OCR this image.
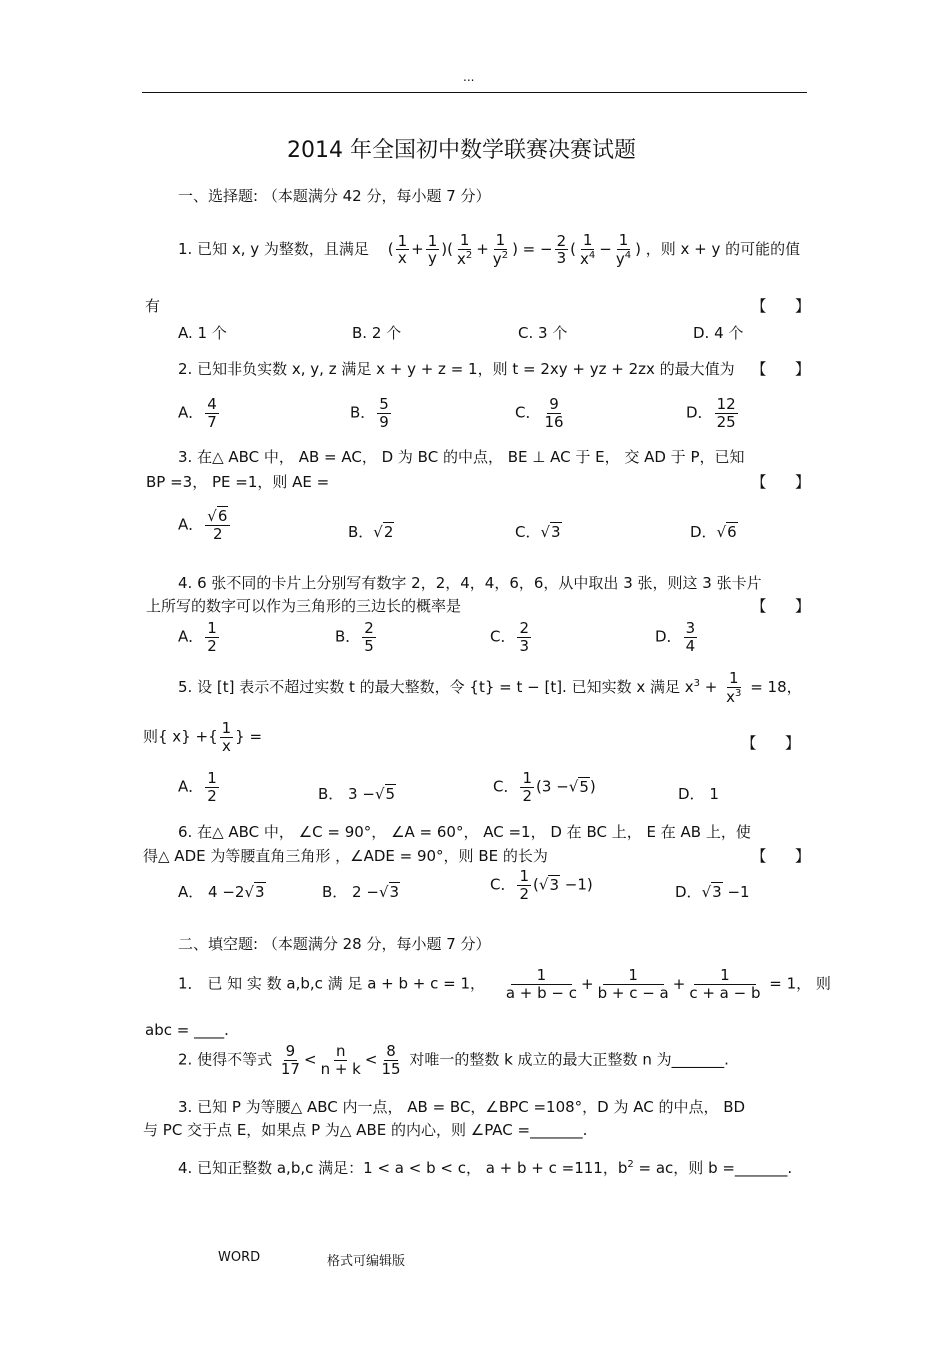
...
2014 年全国初中数学联赛决赛试题
一、选择题: （本题满分 42 分，每小题 7 分）
1. 已知 x, y 为整数，且满足 ( $\frac{1}{x} + \frac{1}{y}$ )( $\frac{1}{x^2} + \frac{1}{y^2}$ ) = − $\frac{2}{3}$ ( $\frac{1}{x^4} - \frac{1}{y^4}$ ) ，则 x + y 的可能的值
有	【      】
A. 1 个	B. 2 个	C. 3 个	D. 4 个
2. 已知非负实数 x, y, z 满足 x + y + z = 1，则 t = 2xy + yz + 2zx 的最大值为 【      】
A． $\frac{4}{7}$	B． $\frac{5}{9}$	C． $\frac{9}{16}$	D． $\frac{12}{25}$
3. 在△ ABC 中， AB = AC， D 为 BC 的中点， BE ⊥ AC 于 E， 交 AD 于 P，已知
BP =3， PE =1，则 AE =	【      】
A． $\frac{√6}{2}$	B．√2	C．√3	D．√6
4. 6 张不同的卡片上分别写有数字 2，2，4，4，6，6，从中取出 3 张，则这 3 张卡片
上所写的数字可以作为三角形的三边长的概率是	【      】
A． $\frac{1}{2}$	B． $\frac{2}{5}$	C． $\frac{2}{3}$	D． $\frac{3}{4}$
5. 设 [t] 表示不超过实数 t 的最大整数，令 {t} = t − [t]. 已知实数 x 满足 $x^3 + \frac{1}{x^3} = 18$，
则{ x} +{ $\frac{1}{x}$ } =	【      】
A． $\frac{1}{2}$	B． 3 −√5	C． $\frac{1}{2} (3 -√5)$	D． 1
6. 在△ ABC 中， ∠C = 90°， ∠A = 60°， AC =1， D 在 BC 上， E 在 AB 上，使
得△ ADE 为等腰直角三角形 ，∠ADE = 90°，则 BE 的长为	【      】
A． 4 −2√3	B． 2 −√3	C． $\frac{1}{2} (√3 -1)$	D．√3 −1
二、填空题: （本题满分 28 分，每小题 7 分）
1． 已 知 实 数 a,b,c 满 足 a + b + c = 1， $\frac{1}{a + b - c} + \frac{1}{b + c - a} + \frac{1}{c + a - b} = 1$， 则
abc = ____.
2. 使得不等式 $\frac{9}{17} < \frac{n}{n + k} < \frac{8}{15}$ 对唯一的整数 k 成立的最大正整数 n 为_______.
3. 已知 P 为等腰△ ABC 内一点， AB = BC，∠BPC =108°，D 为 AC 的中点， BD
与 PC 交于点 E，如果点 P 为△ ABE 的内心，则 ∠PAC =_______.
4. 已知正整数 a,b,c 满足：1 < a < b < c， a + b + c =111，$b^2$ = ac，则 b =_______.
WORD	格式可编辑版
